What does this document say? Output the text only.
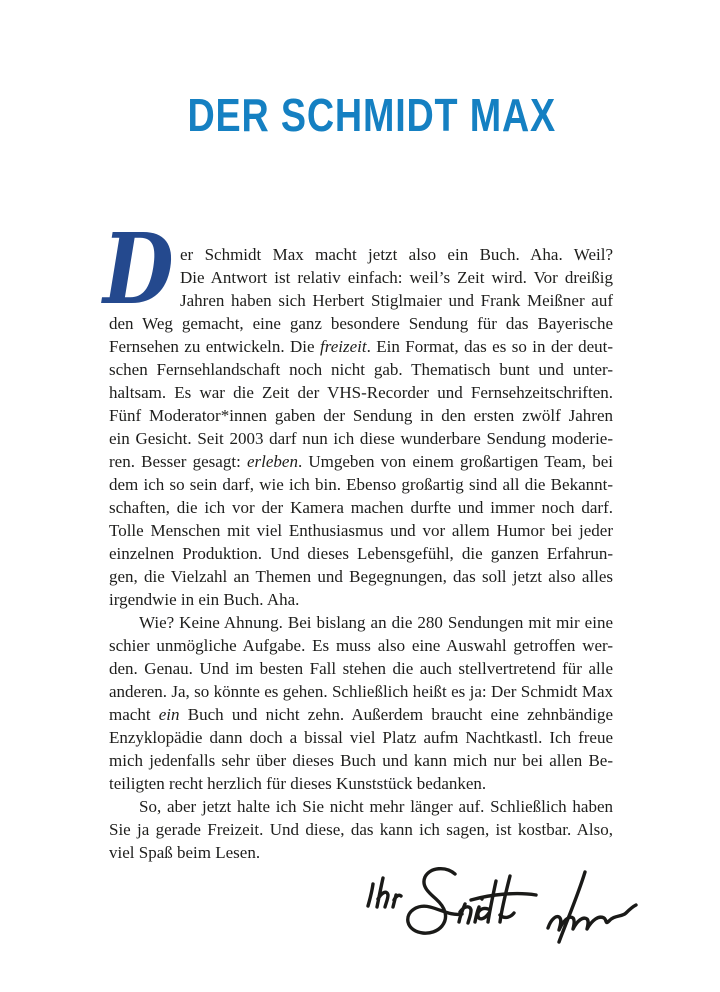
DER SCHMIDT MAX
D er Schmidt Max macht jetzt also ein Buch. Aha. Weil?
Die Antwort ist relativ einfach: weil’s Zeit wird. Vor dreißig
Jahren haben sich Herbert Stiglmaier und Frank Meißner auf
den Weg gemacht, eine ganz besondere Sendung für das Bayerische
Fernsehen zu entwickeln. Die freizeit. Ein Format, das es so in der deut-
schen Fernsehlandschaft noch nicht gab. Thematisch bunt und unter-
haltsam. Es war die Zeit der VHS-Recorder und Fernsehzeitschriften.
Fünf Moderator*innen gaben der Sendung in den ersten zwölf Jahren
ein Gesicht. Seit 2003 darf nun ich diese wunderbare Sendung moderie-
ren. Besser gesagt: erleben. Umgeben von einem großartigen Team, bei
dem ich so sein darf, wie ich bin. Ebenso großartig sind all die Bekannt-
schaften, die ich vor der Kamera machen durfte und immer noch darf.
Tolle Menschen mit viel Enthusiasmus und vor allem Humor bei jeder
einzelnen Produktion. Und dieses Lebensgefühl, die ganzen Erfahrun-
gen, die Vielzahl an Themen und Begegnungen, das soll jetzt also alles
irgendwie in ein Buch. Aha.
Wie? Keine Ahnung. Bei bislang an die 280 Sendungen mit mir eine
schier unmögliche Aufgabe. Es muss also eine Auswahl getroffen wer-
den. Genau. Und im besten Fall stehen die auch stellvertretend für alle
anderen. Ja, so könnte es gehen. Schließlich heißt es ja: Der Schmidt Max
macht ein Buch und nicht zehn. Außerdem braucht eine zehnbändige
Enzyklopädie dann doch a bissal viel Platz aufm Nachtkastl. Ich freue
mich jedenfalls sehr über dieses Buch und kann mich nur bei allen Be-
teiligten recht herzlich für dieses Kunststück bedanken.
So, aber jetzt halte ich Sie nicht mehr länger auf. Schließlich haben
Sie ja gerade Freizeit. Und diese, das kann ich sagen, ist kostbar. Also,
viel Spaß beim Lesen.
